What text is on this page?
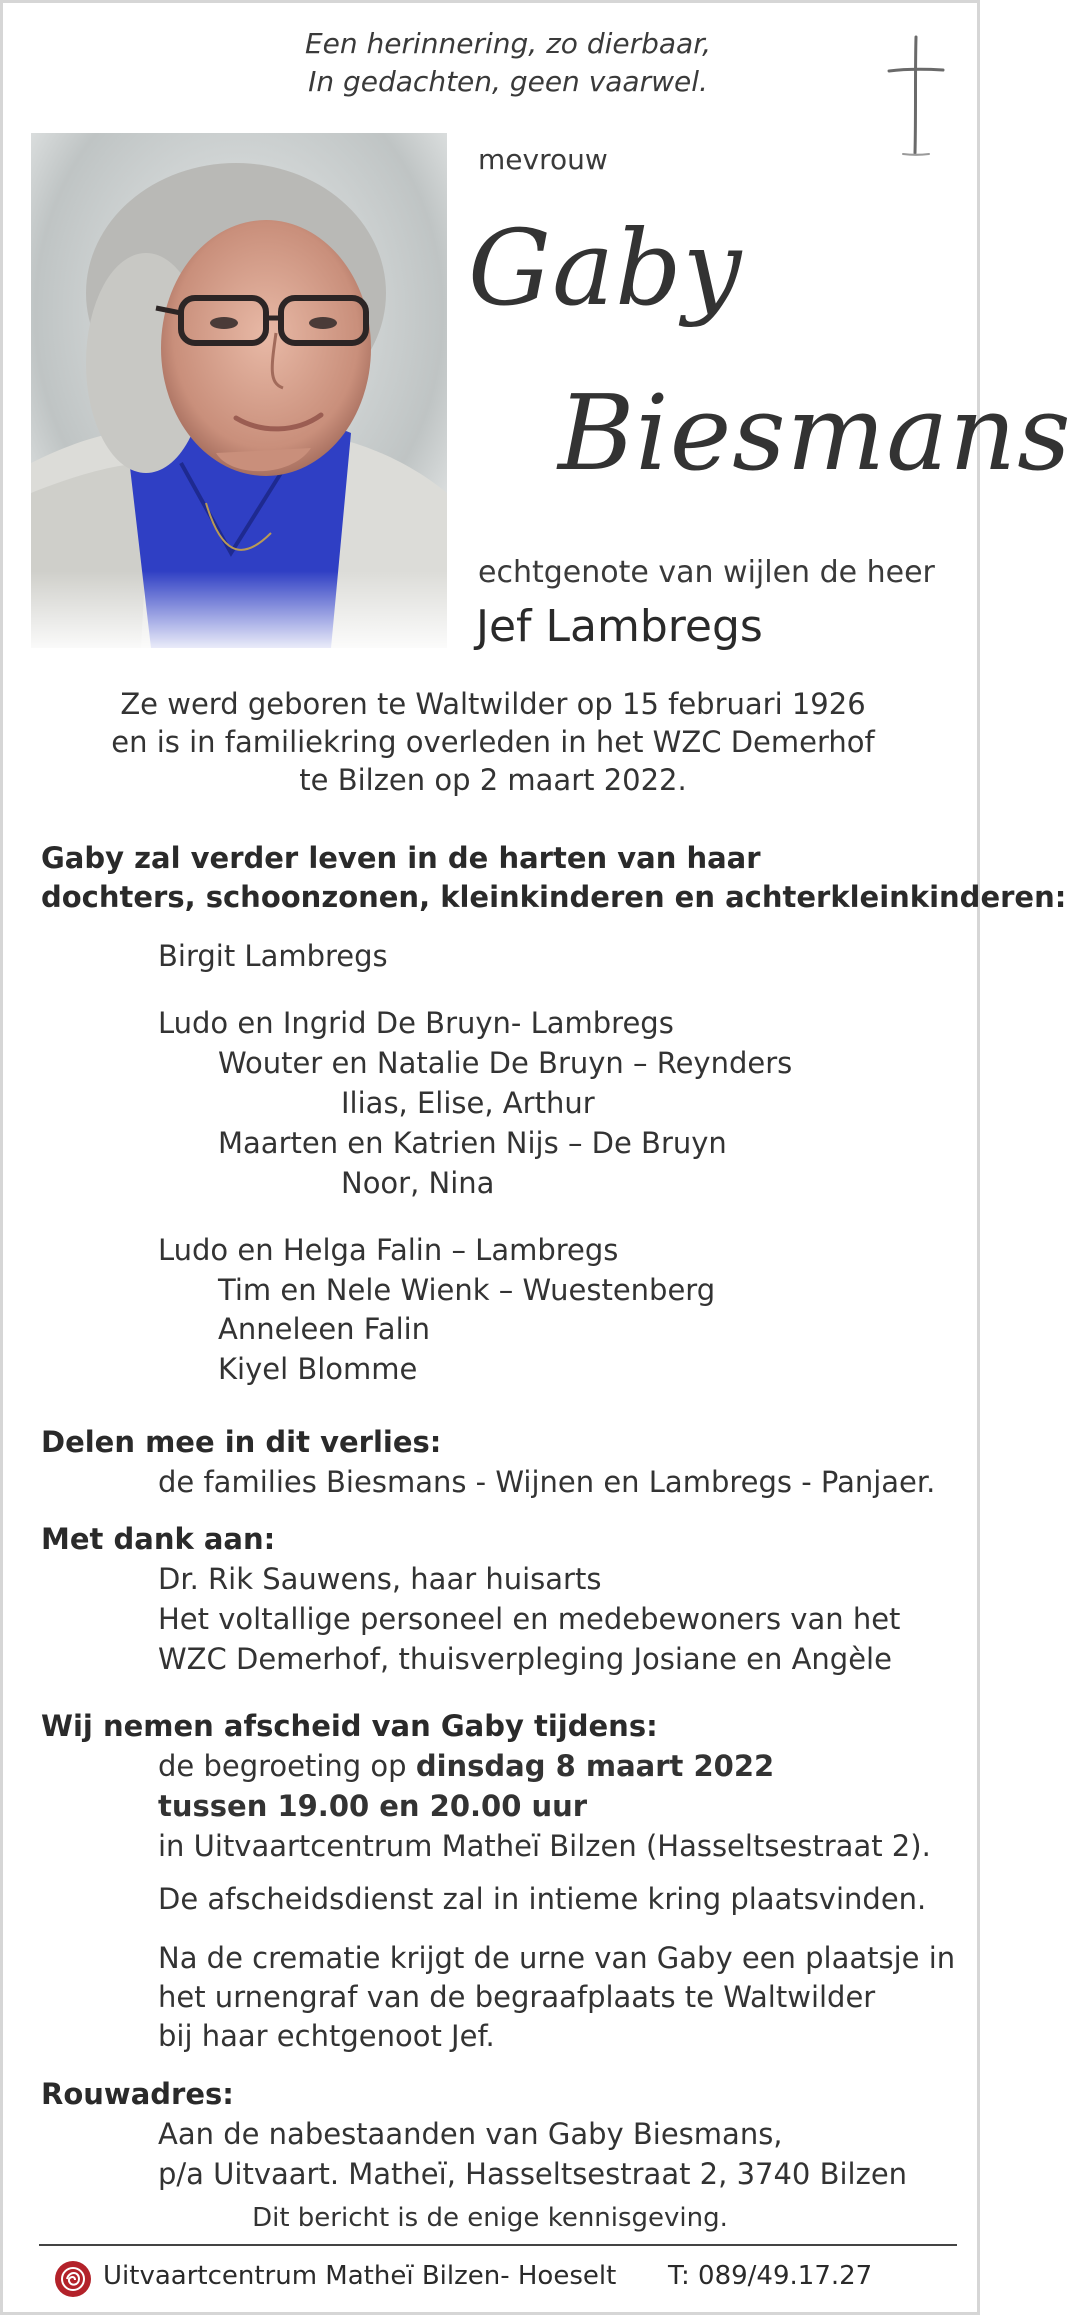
Een herinnering, zo dierbaar,
In gedachten, geen vaarwel.
mevrouw
Gaby
Biesmans
echtgenote van wijlen de heer
Jef Lambregs
Ze werd geboren te Waltwilder op 15 februari 1926
en is in familiekring overleden in het WZC Demerhof
te Bilzen op 2 maart 2022.
Gaby zal verder leven in de harten van haar
dochters, schoonzonen, kleinkinderen en achterkleinkinderen:
Birgit Lambregs
Ludo en Ingrid De Bruyn- Lambregs
Wouter en Natalie De Bruyn – Reynders
Ilias, Elise, Arthur
Maarten en Katrien Nijs – De Bruyn
Noor, Nina
Ludo en Helga Falin – Lambregs
Tim en Nele Wienk – Wuestenberg
Anneleen Falin
Kiyel Blomme
Delen mee in dit verlies:
de families Biesmans - Wijnen en Lambregs - Panjaer.
Met dank aan:
Dr. Rik Sauwens, haar huisarts
Het voltallige personeel en medebewoners van het
WZC Demerhof, thuisverpleging Josiane en Angèle
Wij nemen afscheid van Gaby tijdens:
de begroeting op dinsdag 8 maart 2022
tussen 19.00 en 20.00 uur
in Uitvaartcentrum Matheï Bilzen (Hasseltsestraat 2).
De afscheidsdienst zal in intieme kring plaatsvinden.
Na de crematie krijgt de urne van Gaby een plaatsje in
het urnengraf van de begraafplaats te Waltwilder
bij haar echtgenoot Jef.
Rouwadres:
Aan de nabestaanden van Gaby Biesmans,
p/a Uitvaart. Matheï, Hasseltsestraat 2, 3740 Bilzen
Dit bericht is de enige kennisgeving.
Uitvaartcentrum Matheï Bilzen- Hoeselt T: 089/49.17.27
